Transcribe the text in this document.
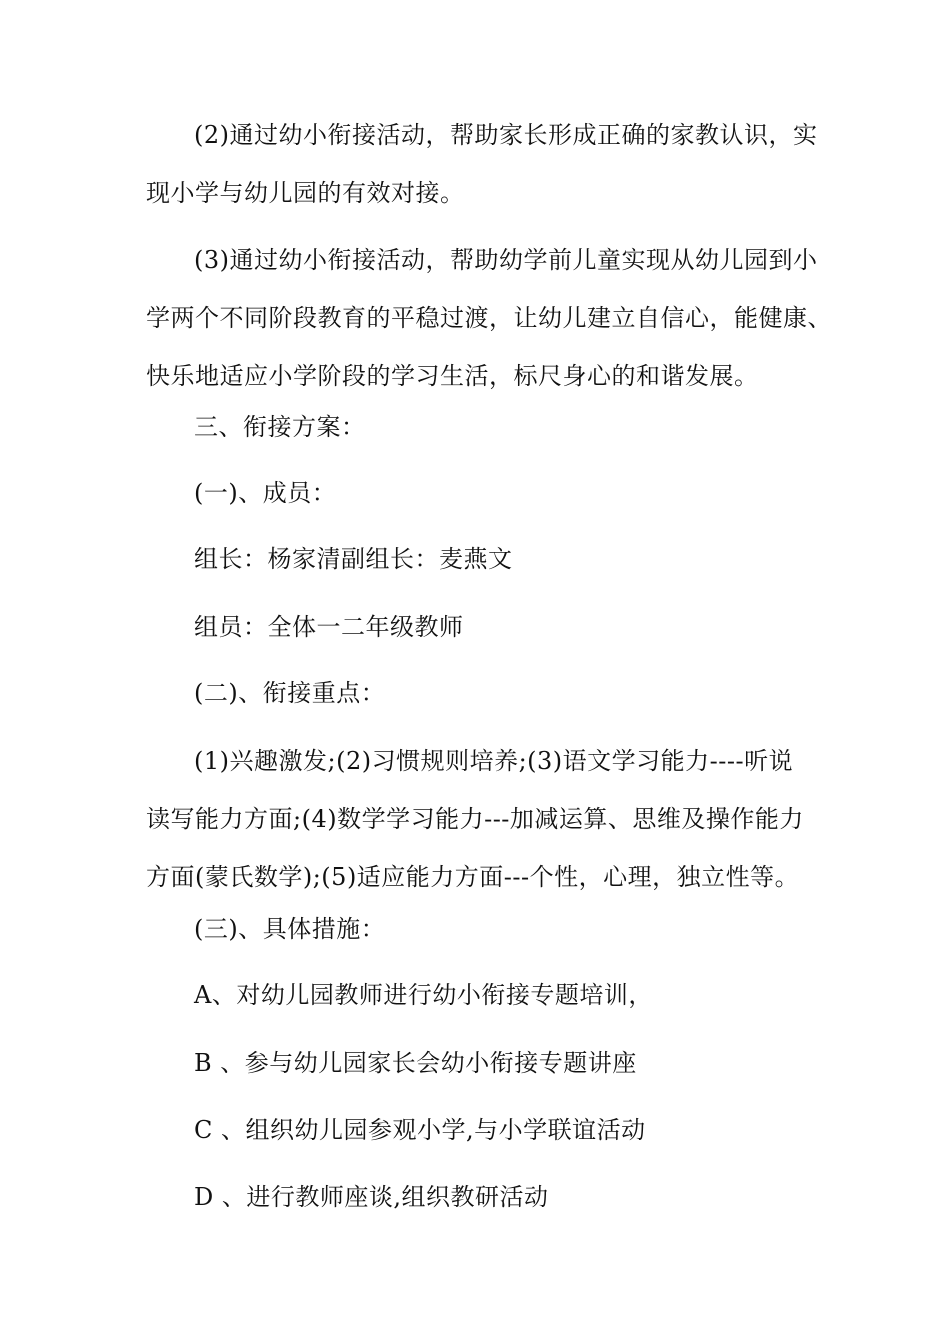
(2)通过幼小衔接活动，帮助家长形成正确的家教认识，实
现小学与幼儿园的有效对接。
(3)通过幼小衔接活动，帮助幼学前儿童实现从幼儿园到小
学两个不同阶段教育的平稳过渡，让幼儿建立自信心，能健康、
快乐地适应小学阶段的学习生活，标尺身心的和谐发展。
三、衔接方案：
(一)、成员：
组长：杨家清副组长：麦燕文
组员：全体一二年级教师
(二)、衔接重点：
(1)兴趣激发;(2)习惯规则培养;(3)语文学习能力----听说
读写能力方面;(4)数学学习能力---加减运算、思维及操作能力
方面(蒙氏数学);(5)适应能力方面---个性，心理，独立性等。
(三)、具体措施：
A、对幼儿园教师进行幼小衔接专题培训，
B 、参与幼儿园家长会幼小衔接专题讲座
C 、组织幼儿园参观小学,与小学联谊活动
D 、进行教师座谈,组织教研活动
